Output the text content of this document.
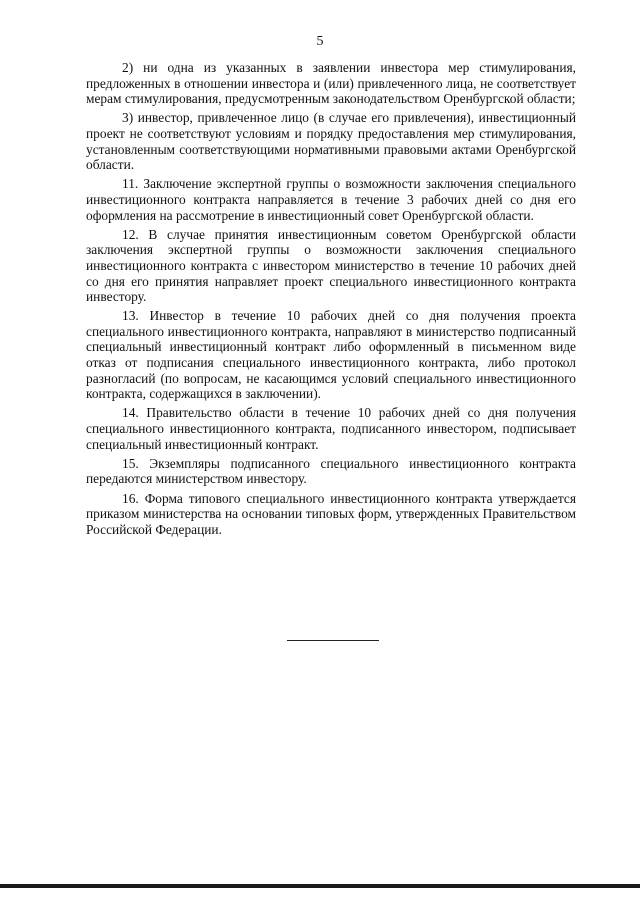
5

2) ни одна из указанных в заявлении инвестора мер стимулирования, предложенных в отношении инвестора и (или) привлеченного лица, не соответствует мерам стимулирования, предусмотренным законодательством Оренбургской области;

3) инвестор, привлеченное лицо (в случае его привлечения), инвестиционный проект не соответствуют условиям и порядку предоставления мер стимулирования, установленным соответствующими нормативными правовыми актами Оренбургской области.

11. Заключение экспертной группы о возможности заключения специального инвестиционного контракта направляется в течение 3 рабочих дней со дня его оформления на рассмотрение в инвестиционный совет Оренбургской области.

12. В случае принятия инвестиционным советом Оренбургской области заключения экспертной группы о возможности заключения специального инвестиционного контракта с инвестором министерство в течение 10 рабочих дней со дня его принятия направляет проект специального инвестиционного контракта инвестору.

13. Инвестор в течение 10 рабочих дней со дня получения проекта специального инвестиционного контракта, направляют в министерство подписанный специальный инвестиционный контракт либо оформленный в письменном виде отказ от подписания специального инвестиционного контракта, либо протокол разногласий (по вопросам, не касающимся условий специального инвестиционного контракта, содержащихся в заключении).

14. Правительство области в течение 10 рабочих дней со дня получения специального инвестиционного контракта, подписанного инвестором, подписывает специальный инвестиционный контракт.

15. Экземпляры подписанного специального инвестиционного контракта передаются министерством инвестору.

16. Форма типового специального инвестиционного контракта утверждается приказом министерства на основании типовых форм, утвержденных Правительством Российской Федерации.
